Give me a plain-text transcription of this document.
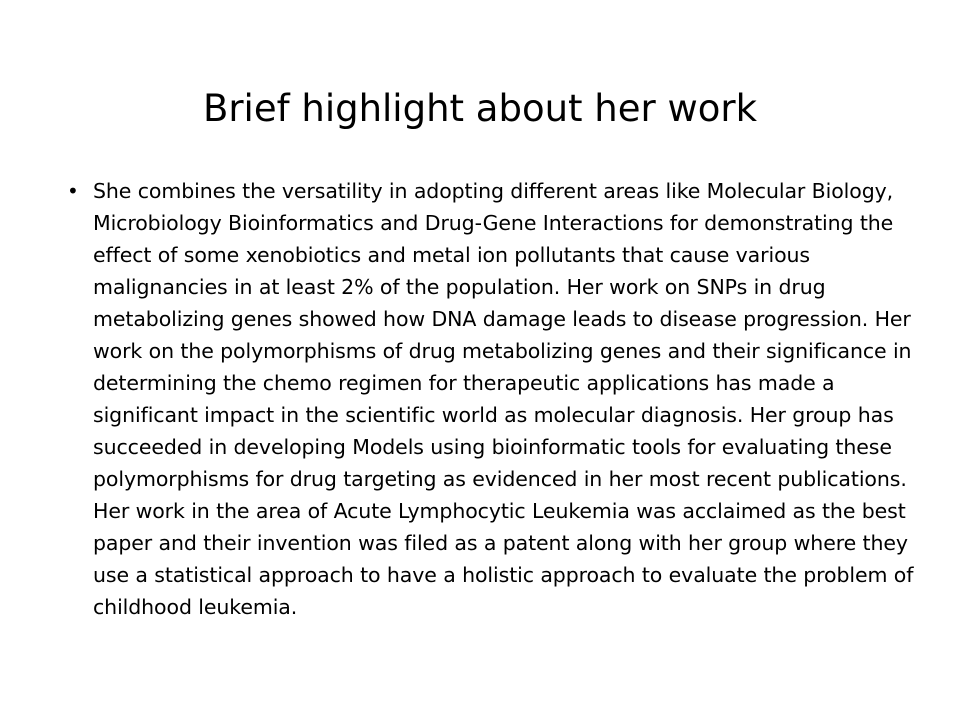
Brief highlight about her work
• She combines the versatility in adopting different areas like Molecular Biology, Microbiology Bioinformatics and Drug-Gene Interactions for demonstrating the effect of some xenobiotics and metal ion pollutants that cause various malignancies in at least 2% of the population. Her work on SNPs in drug metabolizing genes showed how DNA damage leads to disease progression. Her work on the polymorphisms of drug metabolizing genes and their significance in determining the chemo regimen for therapeutic applications has made a significant impact in the scientific world as molecular diagnosis. Her group has succeeded in developing Models using bioinformatic tools for evaluating these polymorphisms for drug targeting as evidenced in her most recent publications. Her work in the area of Acute Lymphocytic Leukemia was acclaimed as the best paper and their invention was filed as a patent along with her group where they use a statistical approach to have a holistic approach to evaluate the problem of childhood leukemia.
